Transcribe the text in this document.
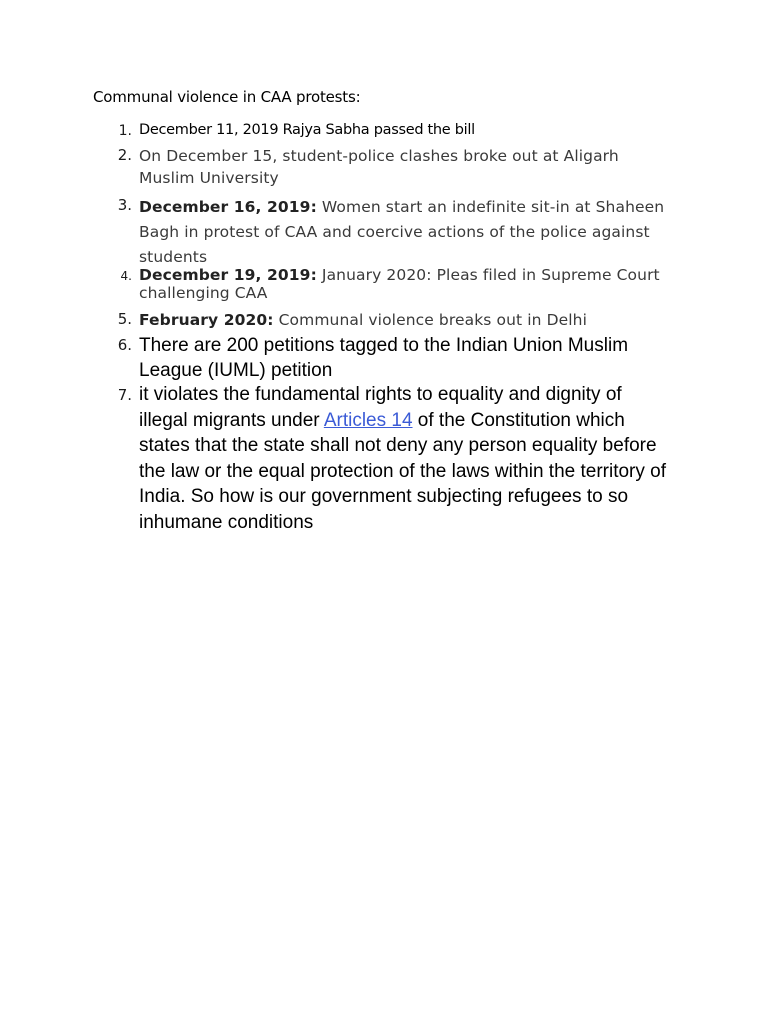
Communal violence in CAA protests:
1. December 11, 2019 Rajya Sabha passed the bill
2. On December 15, student-police clashes broke out at Aligarh Muslim University
3. December 16, 2019: Women start an indefinite sit-in at Shaheen Bagh in protest of CAA and coercive actions of the police against students
4. December 19, 2019: January 2020: Pleas filed in Supreme Court challenging CAA
5. February 2020: Communal violence breaks out in Delhi
6. There are 200 petitions tagged to the Indian Union Muslim League (IUML) petition
7. it violates the fundamental rights to equality and dignity of illegal migrants under Articles 14 of the Constitution which states that the state shall not deny any person equality before the law or the equal protection of the laws within the territory of India. So how is our government subjecting refugees to so inhumane conditions
